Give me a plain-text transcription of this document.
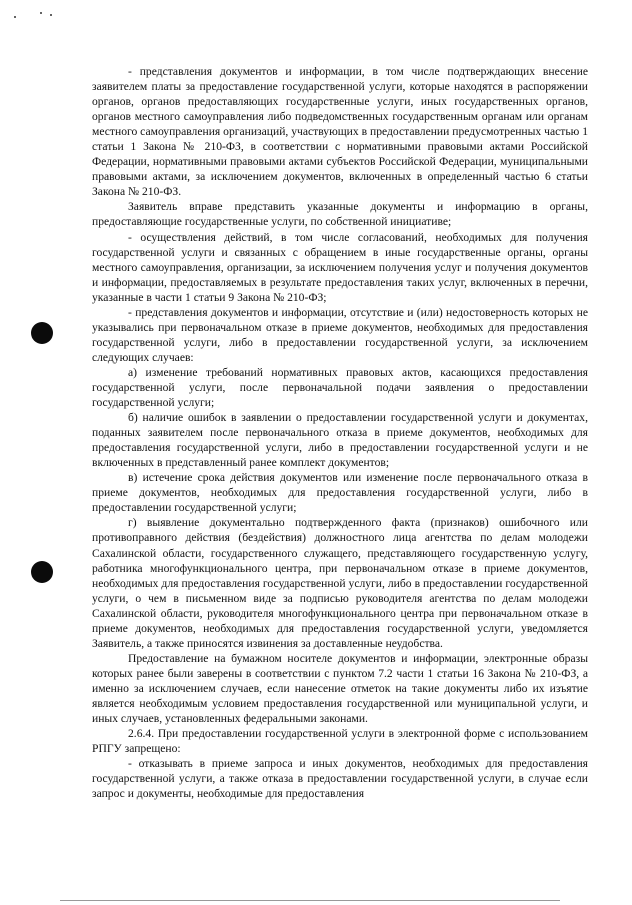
- представления документов и информации, в том числе подтверждающих внесение заявителем платы за предоставление государственной услуги, которые находятся в распоряжении органов, органов предоставляющих государственные услуги, иных государственных органов, органов местного самоуправления либо подведомственных государственным органам или органам местного самоуправления организаций, участвующих в предоставлении предусмотренных частью 1 статьи 1 Закона № 210-ФЗ, в соответствии с нормативными правовыми актами Российской Федерации, нормативными правовыми актами субъектов Российской Федерации, муниципальными правовыми актами, за исключением документов, включенных в определенный частью 6 статьи Закона № 210-ФЗ.

Заявитель вправе представить указанные документы и информацию в органы, предоставляющие государственные услуги, по собственной инициативе;

- осуществления действий, в том числе согласований, необходимых для получения государственной услуги и связанных с обращением в иные государственные органы, органы местного самоуправления, организации, за исключением получения услуг и получения документов и информации, предоставляемых в результате предоставления таких услуг, включенных в перечни, указанные в части 1 статьи 9 Закона № 210-ФЗ;

- представления документов и информации, отсутствие и (или) недостоверность которых не указывались при первоначальном отказе в приеме документов, необходимых для предоставления государственной услуги, либо в предоставлении государственной услуги, за исключением следующих случаев:

а) изменение требований нормативных правовых актов, касающихся предоставления государственной услуги, после первоначальной подачи заявления о предоставлении государственной услуги;

б) наличие ошибок в заявлении о предоставлении государственной услуги и документах, поданных заявителем после первоначального отказа в приеме документов, необходимых для предоставления государственной услуги, либо в предоставлении государственной услуги и не включенных в представленный ранее комплект документов;

в) истечение срока действия документов или изменение после первоначального отказа в приеме документов, необходимых для предоставления государственной услуги, либо в предоставлении государственной услуги;

г) выявление документально подтвержденного факта (признаков) ошибочного или противоправного действия (бездействия) должностного лица агентства по делам молодежи Сахалинской области, государственного служащего, представляющего государственную услугу, работника многофункционального центра, при первоначальном отказе в приеме документов, необходимых для предоставления государственной услуги, либо в предоставлении государственной услуги, о чем в письменном виде за подписью руководителя агентства по делам молодежи Сахалинской области, руководителя многофункционального центра при первоначальном отказе в приеме документов, необходимых для предоставления государственной услуги, уведомляется Заявитель, а также приносятся извинения за доставленные неудобства.

Предоставление на бумажном носителе документов и информации, электронные образы которых ранее были заверены в соответствии с пунктом 7.2 части 1 статьи 16 Закона № 210-ФЗ, а именно за исключением случаев, если нанесение отметок на такие документы либо их изъятие является необходимым условием предоставления государственной или муниципальной услуги, и иных случаев, установленных федеральными законами.

2.6.4. При предоставлении государственной услуги в электронной форме с использованием РПГУ запрещено:

- отказывать в приеме запроса и иных документов, необходимых для предоставления государственной услуги, а также отказа в предоставлении государственной услуги, в случае если запрос и документы, необходимые для предоставления
